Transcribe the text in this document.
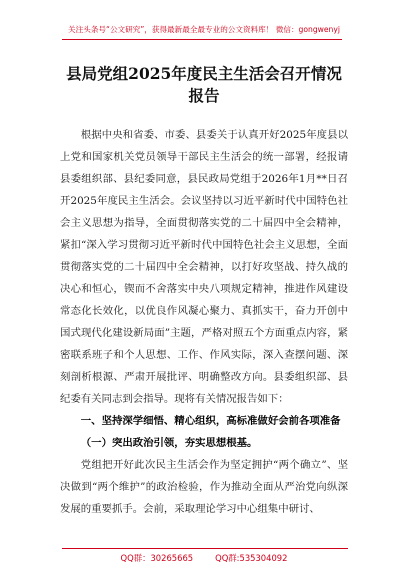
关注头条号“公文研究”，获得最新最全最专业的公文资料库！ 微信：gongwenyj
县局党组2025年度民主生活会召开情况
报告

根据中央和省委、市委、县委关于认真开好2025年度县以上党和国家机关党员领导干部民主生活会的统一部署，经报请县委组织部、县纪委同意，县民政局党组于2026年1月**日召开2025年度民主生活会。会议坚持以习近平新时代中国特色社会主义思想为指导，全面贯彻落实党的二十届四中全会精神，紧扣“深入学习贯彻习近平新时代中国特色社会主义思想，全面贯彻落实党的二十届四中全会精神，以打好攻坚战、持久战的决心和恒心，锲而不舍落实中央八项规定精神，推进作风建设常态化长效化，以优良作风凝心聚力、真抓实干，奋力开创中国式现代化建设新局面”主题，严格对照五个方面重点内容，紧密联系班子和个人思想、工作、作风实际，深入查摆问题、深刻剖析根源、严肃开展批评、明确整改方向。县委组织部、县纪委有关同志到会指导。现将有关情况报告如下：

一、坚持深学细悟、精心组织，高标准做好会前各项准备

（一）突出政治引领，夯实思想根基。

党组把开好此次民主生活会作为坚定拥护“两个确立”、坚决做到“两个维护”的政治检验，作为推动全面从严治党向纵深发展的重要抓手。会前，采取理论学习中心组集中研讨、

QQ群：30265665	QQ群:535304092
